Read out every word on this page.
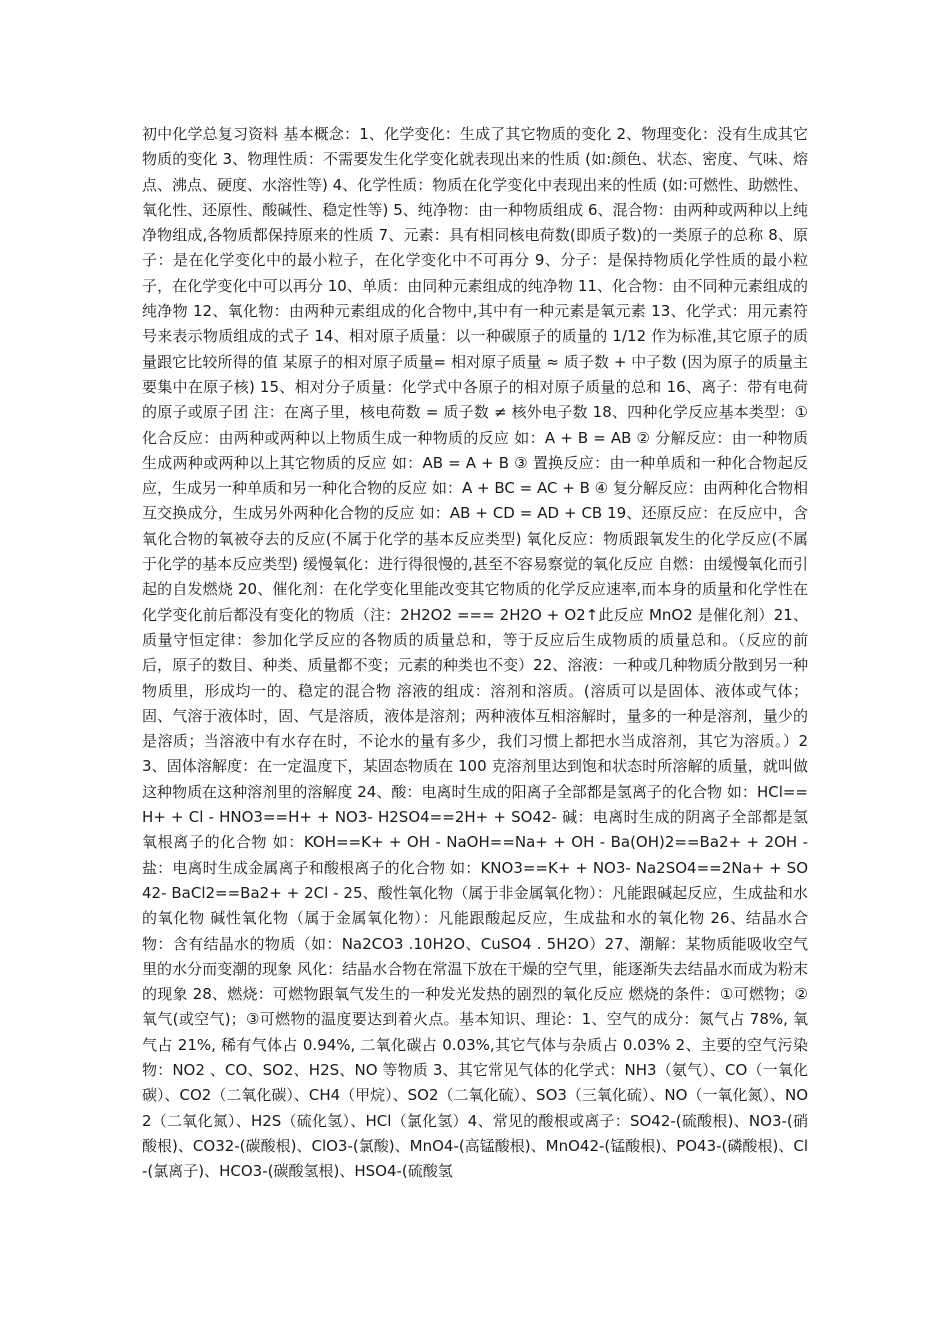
初中化学总复习资料 基本概念：1、化学变化：生成了其它物质的变化 2、物理变化：没有生成其它物质的变化 3、物理性质：不需要发生化学变化就表现出来的性质 (如:颜色、状态、密度、气味、熔点、沸点、硬度、水溶性等) 4、化学性质：物质在化学变化中表现出来的性质 (如:可燃性、助燃性、氧化性、还原性、酸碱性、稳定性等) 5、纯净物：由一种物质组成 6、混合物：由两种或两种以上纯净物组成,各物质都保持原来的性质 7、元素：具有相同核电荷数(即质子数)的一类原子的总称 8、原子：是在化学变化中的最小粒子，在化学变化中不可再分 9、分子：是保持物质化学性质的最小粒子，在化学变化中可以再分 10、单质：由同种元素组成的纯净物 11、化合物：由不同种元素组成的纯净物 12、氧化物：由两种元素组成的化合物中,其中有一种元素是氧元素 13、化学式：用元素符号来表示物质组成的式子 14、相对原子质量：以一种碳原子的质量的 1/12 作为标准,其它原子的质量跟它比较所得的值 某原子的相对原子质量= 相对原子质量 ≈ 质子数 + 中子数 (因为原子的质量主要集中在原子核) 15、相对分子质量：化学式中各原子的相对原子质量的总和 16、离子：带有电荷的原子或原子团 注：在离子里，核电荷数 = 质子数 ≠ 核外电子数 18、四种化学反应基本类型：①化合反应：由两种或两种以上物质生成一种物质的反应 如：A + B = AB ② 分解反应：由一种物质生成两种或两种以上其它物质的反应 如：AB = A + B ③ 置换反应：由一种单质和一种化合物起反应，生成另一种单质和另一种化合物的反应 如：A + BC = AC + B ④ 复分解反应：由两种化合物相互交换成分，生成另外两种化合物的反应 如：AB + CD = AD + CB 19、还原反应：在反应中，含氧化合物的氧被夺去的反应(不属于化学的基本反应类型) 氧化反应：物质跟氧发生的化学反应(不属于化学的基本反应类型) 缓慢氧化：进行得很慢的,甚至不容易察觉的氧化反应 自燃：由缓慢氧化而引起的自发燃烧 20、催化剂：在化学变化里能改变其它物质的化学反应速率,而本身的质量和化学性在化学变化前后都没有变化的物质（注：2H2O2 === 2H2O + O2↑此反应 MnO2 是催化剂）21、质量守恒定律：参加化学反应的各物质的质量总和，等于反应后生成物质的质量总和。（反应的前后，原子的数目、种类、质量都不变；元素的种类也不变）22、溶液：一种或几种物质分散到另一种物质里，形成均一的、稳定的混合物 溶液的组成：溶剂和溶质。(溶质可以是固体、液体或气体；固、气溶于液体时，固、气是溶质，液体是溶剂；两种液体互相溶解时，量多的一种是溶剂，量少的是溶质；当溶液中有水存在时，不论水的量有多少，我们习惯上都把水当成溶剂，其它为溶质。）23、固体溶解度：在一定温度下，某固态物质在 100 克溶剂里达到饱和状态时所溶解的质量，就叫做这种物质在这种溶剂里的溶解度 24、酸：电离时生成的阳离子全部都是氢离子的化合物 如：HCl==H+ + Cl - HNO3==H+ + NO3- H2SO4==2H+ + SO42- 碱：电离时生成的阴离子全部都是氢氧根离子的化合物 如：KOH==K+ + OH - NaOH==Na+ + OH - Ba(OH)2==Ba2+ + 2OH - 盐：电离时生成金属离子和酸根离子的化合物 如：KNO3==K+ + NO3- Na2SO4==2Na+ + SO42- BaCl2==Ba2+ + 2Cl - 25、酸性氧化物（属于非金属氧化物）：凡能跟碱起反应，生成盐和水的氧化物 碱性氧化物（属于金属氧化物）：凡能跟酸起反应，生成盐和水的氧化物 26、结晶水合物：含有结晶水的物质（如：Na2CO3 .10H2O、CuSO4 . 5H2O）27、潮解：某物质能吸收空气里的水分而变潮的现象 风化：结晶水合物在常温下放在干燥的空气里，能逐渐失去结晶水而成为粉末的现象 28、燃烧：可燃物跟氧气发生的一种发光发热的剧烈的氧化反应 燃烧的条件：①可燃物；②氧气(或空气)；③可燃物的温度要达到着火点。基本知识、理论：1、空气的成分：氮气占 78%, 氧气占 21%, 稀有气体占 0.94%, 二氧化碳占 0.03%,其它气体与杂质占 0.03% 2、主要的空气污染物：NO2 、CO、SO2、H2S、NO 等物质 3、其它常见气体的化学式：NH3（氨气）、CO（一氧化碳）、CO2（二氧化碳）、CH4（甲烷）、SO2（二氧化硫）、SO3（三氧化硫）、NO（一氧化氮）、NO2（二氧化氮）、H2S（硫化氢）、HCl（氯化氢）4、常见的酸根或离子：SO42-(硫酸根)、NO3-(硝酸根)、CO32-(碳酸根)、ClO3-(氯酸)、MnO4-(高锰酸根)、MnO42-(锰酸根)、PO43-(磷酸根)、Cl-(氯离子)、HCO3-(碳酸氢根)、HSO4-(硫酸氢
